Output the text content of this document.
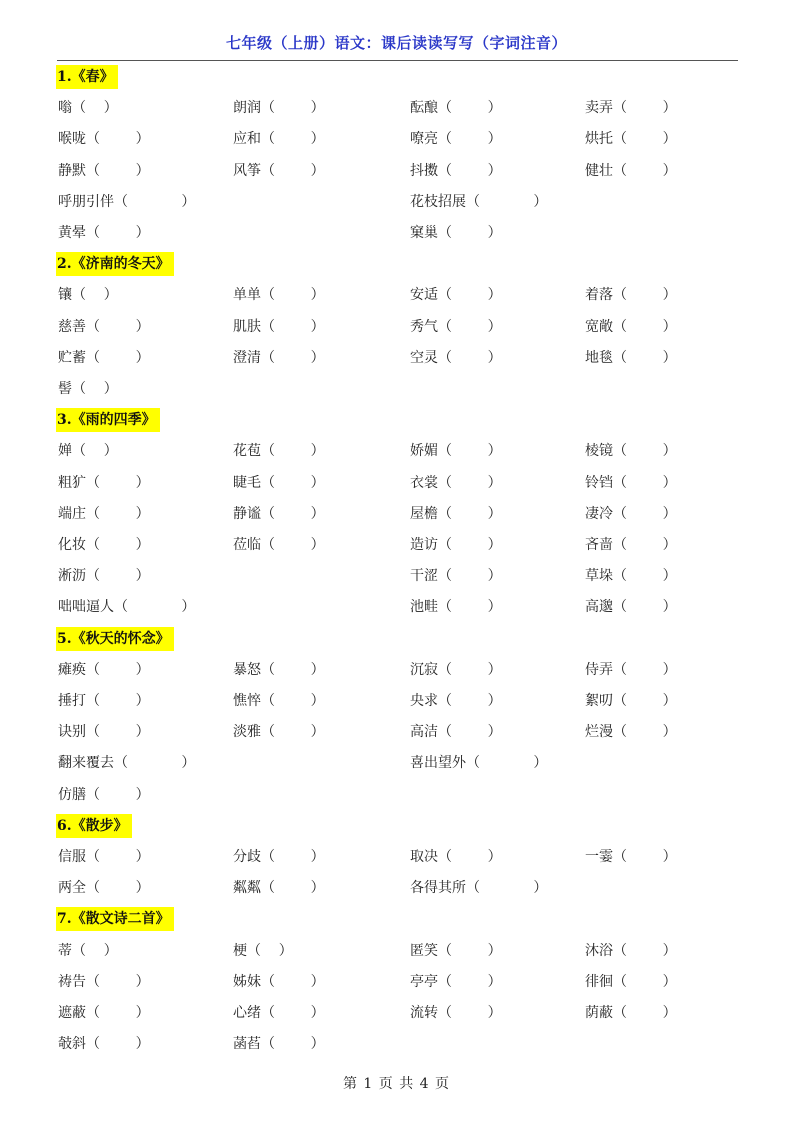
七年级（上册）语文：课后读读写写（字词注音）
1.《春》
嗡（    ）	朗润（        ）	酝酿（        ）	卖弄（        ）
喉咙（        ）	应和（        ）	嘹亮（        ）	烘托（        ）
静默（        ）	风筝（        ）	抖擞（        ）	健壮（        ）
呼朋引伴（            ）	花枝招展（            ）
黄晕（        ）	窠巢（        ）
2.《济南的冬天》
镶（    ）	单单（        ）	安适（        ）	着落（        ）
慈善（        ）	肌肤（        ）	秀气（        ）	宽敞（        ）
贮蓄（        ）	澄清（        ）	空灵（        ）	地毯（        ）
髻（    ）
3.《雨的四季》
婵（    ）	花苞（        ）	娇媚（        ）	棱镜（        ）
粗犷（        ）	睫毛（        ）	衣裳（        ）	铃铛（        ）
端庄（        ）	静谧（        ）	屋檐（        ）	凄冷（        ）
化妆（        ）	莅临（        ）	造访（        ）	吝啬（        ）
淅沥（        ）	干涩（        ）	草垛（        ）
咄咄逼人（            ）	池畦（        ）	高邈（        ）
5.《秋天的怀念》
瘫痪（        ）	暴怒（        ）	沉寂（        ）	侍弄（        ）
捶打（        ）	憔悴（        ）	央求（        ）	絮叨（        ）
诀别（        ）	淡雅（        ）	高洁（        ）	烂漫（        ）
翻来覆去（            ）	喜出望外（            ）
仿膳（        ）
6.《散步》
信服（        ）	分歧（        ）	取决（        ）	一霎（        ）
两全（        ）	粼粼（        ）	各得其所（            ）
7.《散文诗二首》
蒂（    ）	梗（    ）	匿笑（        ）	沐浴（        ）
祷告（        ）	姊妹（        ）	亭亭（        ）	徘徊（        ）
遮蔽（        ）	心绪（        ）	流转（        ）	荫蔽（        ）
攲斜（        ）	菡萏（        ）
第 1 页 共 4 页
